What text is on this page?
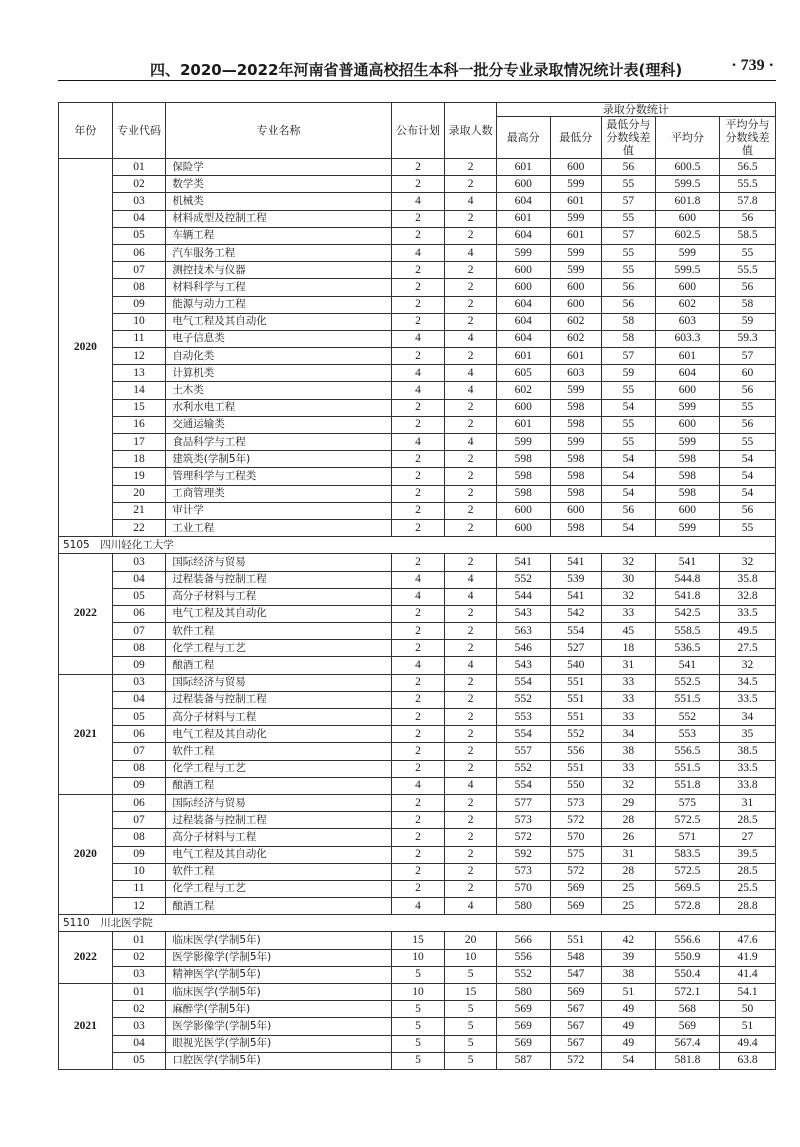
四、2020—2022年河南省普通高校招生本科一批分专业录取情况统计表(理科)	· 739 ·
年份	专业代码	专业名称	公布计划	录取人数	录取分数统计				
					最高分	最低分	最低分与分数线差值	平均分	平均分与分数线差值
2020	01	保险学	2	2	601	600	56	600.5	56.5
	02	数学类	2	2	600	599	55	599.5	55.5
	03	机械类	4	4	604	601	57	601.8	57.8
	04	材料成型及控制工程	2	2	601	599	55	600	56
	05	车辆工程	2	2	604	601	57	602.5	58.5
	06	汽车服务工程	4	4	599	599	55	599	55
	07	测控技术与仪器	2	2	600	599	55	599.5	55.5
	08	材料科学与工程	2	2	600	600	56	600	56
	09	能源与动力工程	2	2	604	600	56	602	58
	10	电气工程及其自动化	2	2	604	602	58	603	59
	11	电子信息类	4	4	604	602	58	603.3	59.3
	12	自动化类	2	2	601	601	57	601	57
	13	计算机类	4	4	605	603	59	604	60
	14	土木类	4	4	602	599	55	600	56
	15	水利水电工程	2	2	600	598	54	599	55
	16	交通运输类	2	2	601	598	55	600	56
	17	食品科学与工程	4	4	599	599	55	599	55
	18	建筑类(学制5年)	2	2	598	598	54	598	54
	19	管理科学与工程类	2	2	598	598	54	598	54
	20	工商管理类	2	2	598	598	54	598	54
	21	审计学	2	2	600	600	56	600	56
	22	工业工程	2	2	600	598	54	599	55
5105　四川轻化工大学									
2022	03	国际经济与贸易	2	2	541	541	32	541	32
	04	过程装备与控制工程	4	4	552	539	30	544.8	35.8
	05	高分子材料与工程	4	4	544	541	32	541.8	32.8
	06	电气工程及其自动化	2	2	543	542	33	542.5	33.5
	07	软件工程	2	2	563	554	45	558.5	49.5
	08	化学工程与工艺	2	2	546	527	18	536.5	27.5
	09	酿酒工程	4	4	543	540	31	541	32
2021	03	国际经济与贸易	2	2	554	551	33	552.5	34.5
	04	过程装备与控制工程	2	2	552	551	33	551.5	33.5
	05	高分子材料与工程	2	2	553	551	33	552	34
	06	电气工程及其自动化	2	2	554	552	34	553	35
	07	软件工程	2	2	557	556	38	556.5	38.5
	08	化学工程与工艺	2	2	552	551	33	551.5	33.5
	09	酿酒工程	4	4	554	550	32	551.8	33.8
2020	06	国际经济与贸易	2	2	577	573	29	575	31
	07	过程装备与控制工程	2	2	573	572	28	572.5	28.5
	08	高分子材料与工程	2	2	572	570	26	571	27
	09	电气工程及其自动化	2	2	592	575	31	583.5	39.5
	10	软件工程	2	2	573	572	28	572.5	28.5
	11	化学工程与工艺	2	2	570	569	25	569.5	25.5
	12	酿酒工程	4	4	580	569	25	572.8	28.8
5110　川北医学院									
2022	01	临床医学(学制5年)	15	20	566	551	42	556.6	47.6
	02	医学影像学(学制5年)	10	10	556	548	39	550.9	41.9
	03	精神医学(学制5年)	5	5	552	547	38	550.4	41.4
2021	01	临床医学(学制5年)	10	15	580	569	51	572.1	54.1
	02	麻醉学(学制5年)	5	5	569	567	49	568	50
	03	医学影像学(学制5年)	5	5	569	567	49	569	51
	04	眼视光医学(学制5年)	5	5	569	567	49	567.4	49.4
	05	口腔医学(学制5年)	5	5	587	572	54	581.8	63.8
